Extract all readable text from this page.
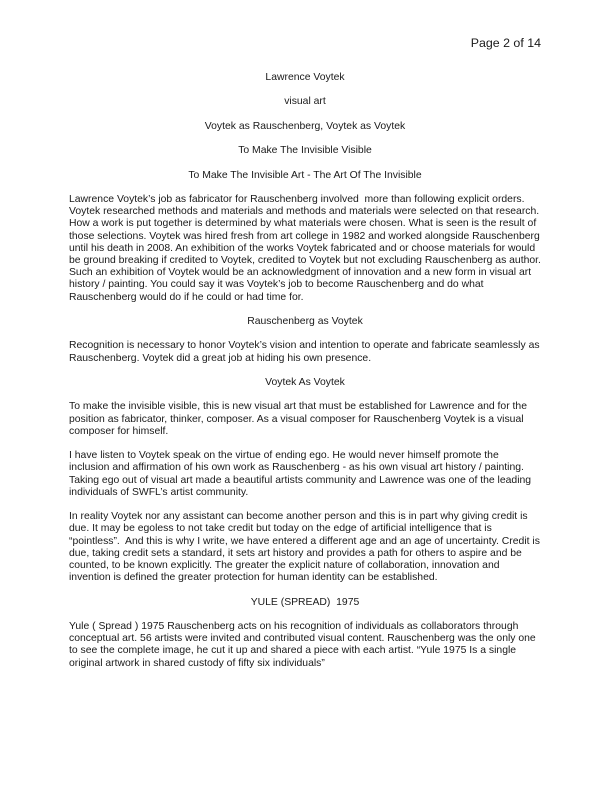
Page 2 of 14
Lawrence Voytek
visual art
Voytek as Rauschenberg, Voytek as Voytek
To Make The Invisible Visible
To Make The Invisible Art - The Art Of The Invisible
Lawrence Voytek’s job as fabricator for Rauschenberg involved  more than following explicit orders. Voytek researched methods and materials and methods and materials were selected on that research. How a work is put together is determined by what materials were chosen. What is seen is the result of those selections. Voytek was hired fresh from art college in 1982 and worked alongside Rauschenberg until his death in 2008. An exhibition of the works Voytek fabricated and or choose materials for would be ground breaking if credited to Voytek, credited to Voytek but not excluding Rauschenberg as author. Such an exhibition of Voytek would be an acknowledgment of innovation and a new form in visual art history / painting. You could say it was Voytek’s job to become Rauschenberg and do what Rauschenberg would do if he could or had time for.
Rauschenberg as Voytek
Recognition is necessary to honor Voytek’s vision and intention to operate and fabricate seamlessly as Rauschenberg. Voytek did a great job at hiding his own presence.
Voytek As Voytek
To make the invisible visible, this is new visual art that must be established for Lawrence and for the position as fabricator, thinker, composer. As a visual composer for Rauschenberg Voytek is a visual composer for himself.
I have listen to Voytek speak on the virtue of ending ego. He would never himself promote the inclusion and affirmation of his own work as Rauschenberg - as his own visual art history / painting. Taking ego out of visual art made a beautiful artists community and Lawrence was one of the leading individuals of SWFL’s artist community.
In reality Voytek nor any assistant can become another person and this is in part why giving credit is due. It may be egoless to not take credit but today on the edge of artificial intelligence that is “pointless”.  And this is why I write, we have entered a different age and an age of uncertainty. Credit is due, taking credit sets a standard, it sets art history and provides a path for others to aspire and be counted, to be known explicitly. The greater the explicit nature of collaboration, innovation and invention is defined the greater protection for human identity can be established.
YULE (SPREAD)  1975
Yule ( Spread ) 1975 Rauschenberg acts on his recognition of individuals as collaborators through conceptual art. 56 artists were invited and contributed visual content. Rauschenberg was the only one to see the complete image, he cut it up and shared a piece with each artist. “Yule 1975 Is a single original artwork in shared custody of fifty six individuals”
